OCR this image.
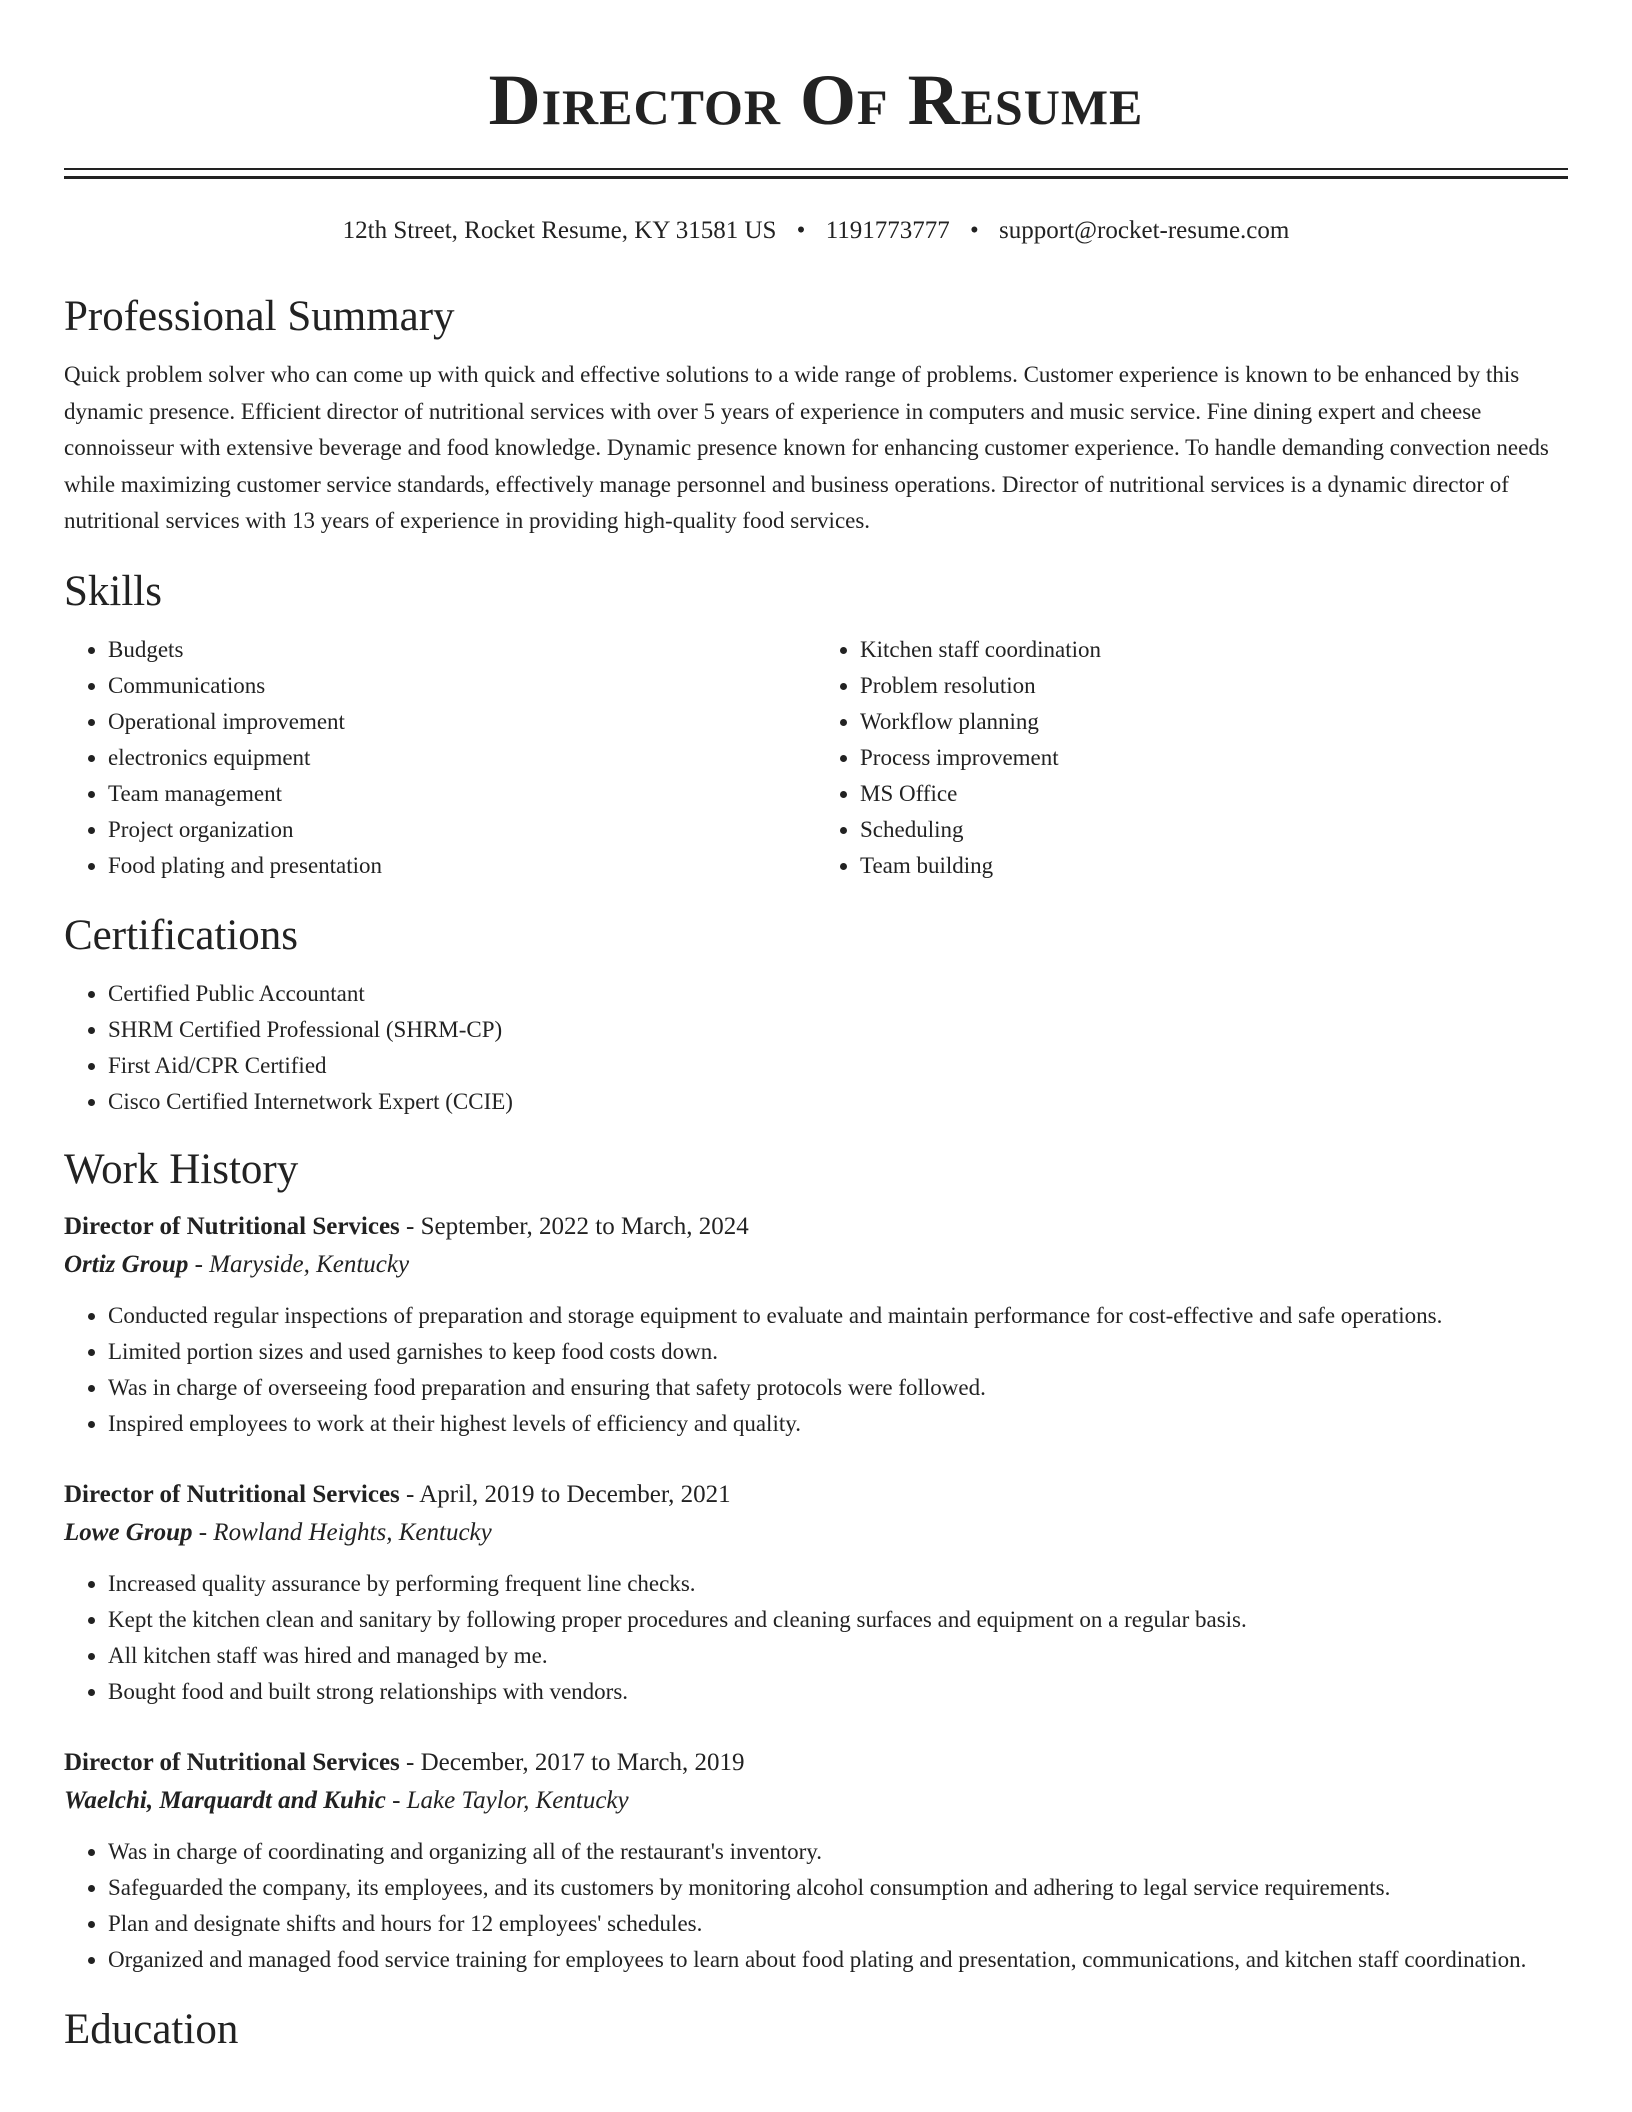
Director Of Resume
12th Street, Rocket Resume, KY 31581 US • 1191773777 • support@rocket-resume.com
Professional Summary
Quick problem solver who can come up with quick and effective solutions to a wide range of problems. Customer experience is known to be enhanced by this dynamic presence. Efficient director of nutritional services with over 5 years of experience in computers and music service. Fine dining expert and cheese connoisseur with extensive beverage and food knowledge. Dynamic presence known for enhancing customer experience. To handle demanding convection needs while maximizing customer service standards, effectively manage personnel and business operations. Director of nutritional services is a dynamic director of nutritional services with 13 years of experience in providing high-quality food services.
Skills
• Budgets
• Communications
• Operational improvement
• electronics equipment
• Team management
• Project organization
• Food plating and presentation
• Kitchen staff coordination
• Problem resolution
• Workflow planning
• Process improvement
• MS Office
• Scheduling
• Team building
Certifications
• Certified Public Accountant
• SHRM Certified Professional (SHRM-CP)
• First Aid/CPR Certified
• Cisco Certified Internetwork Expert (CCIE)
Work History
Director of Nutritional Services - September, 2022 to March, 2024
Ortiz Group - Maryside, Kentucky
• Conducted regular inspections of preparation and storage equipment to evaluate and maintain performance for cost-effective and safe operations.
• Limited portion sizes and used garnishes to keep food costs down.
• Was in charge of overseeing food preparation and ensuring that safety protocols were followed.
• Inspired employees to work at their highest levels of efficiency and quality.
Director of Nutritional Services - April, 2019 to December, 2021
Lowe Group - Rowland Heights, Kentucky
• Increased quality assurance by performing frequent line checks.
• Kept the kitchen clean and sanitary by following proper procedures and cleaning surfaces and equipment on a regular basis.
• All kitchen staff was hired and managed by me.
• Bought food and built strong relationships with vendors.
Director of Nutritional Services - December, 2017 to March, 2019
Waelchi, Marquardt and Kuhic - Lake Taylor, Kentucky
• Was in charge of coordinating and organizing all of the restaurant's inventory.
• Safeguarded the company, its employees, and its customers by monitoring alcohol consumption and adhering to legal service requirements.
• Plan and designate shifts and hours for 12 employees' schedules.
• Organized and managed food service training for employees to learn about food plating and presentation, communications, and kitchen staff coordination.
Education
